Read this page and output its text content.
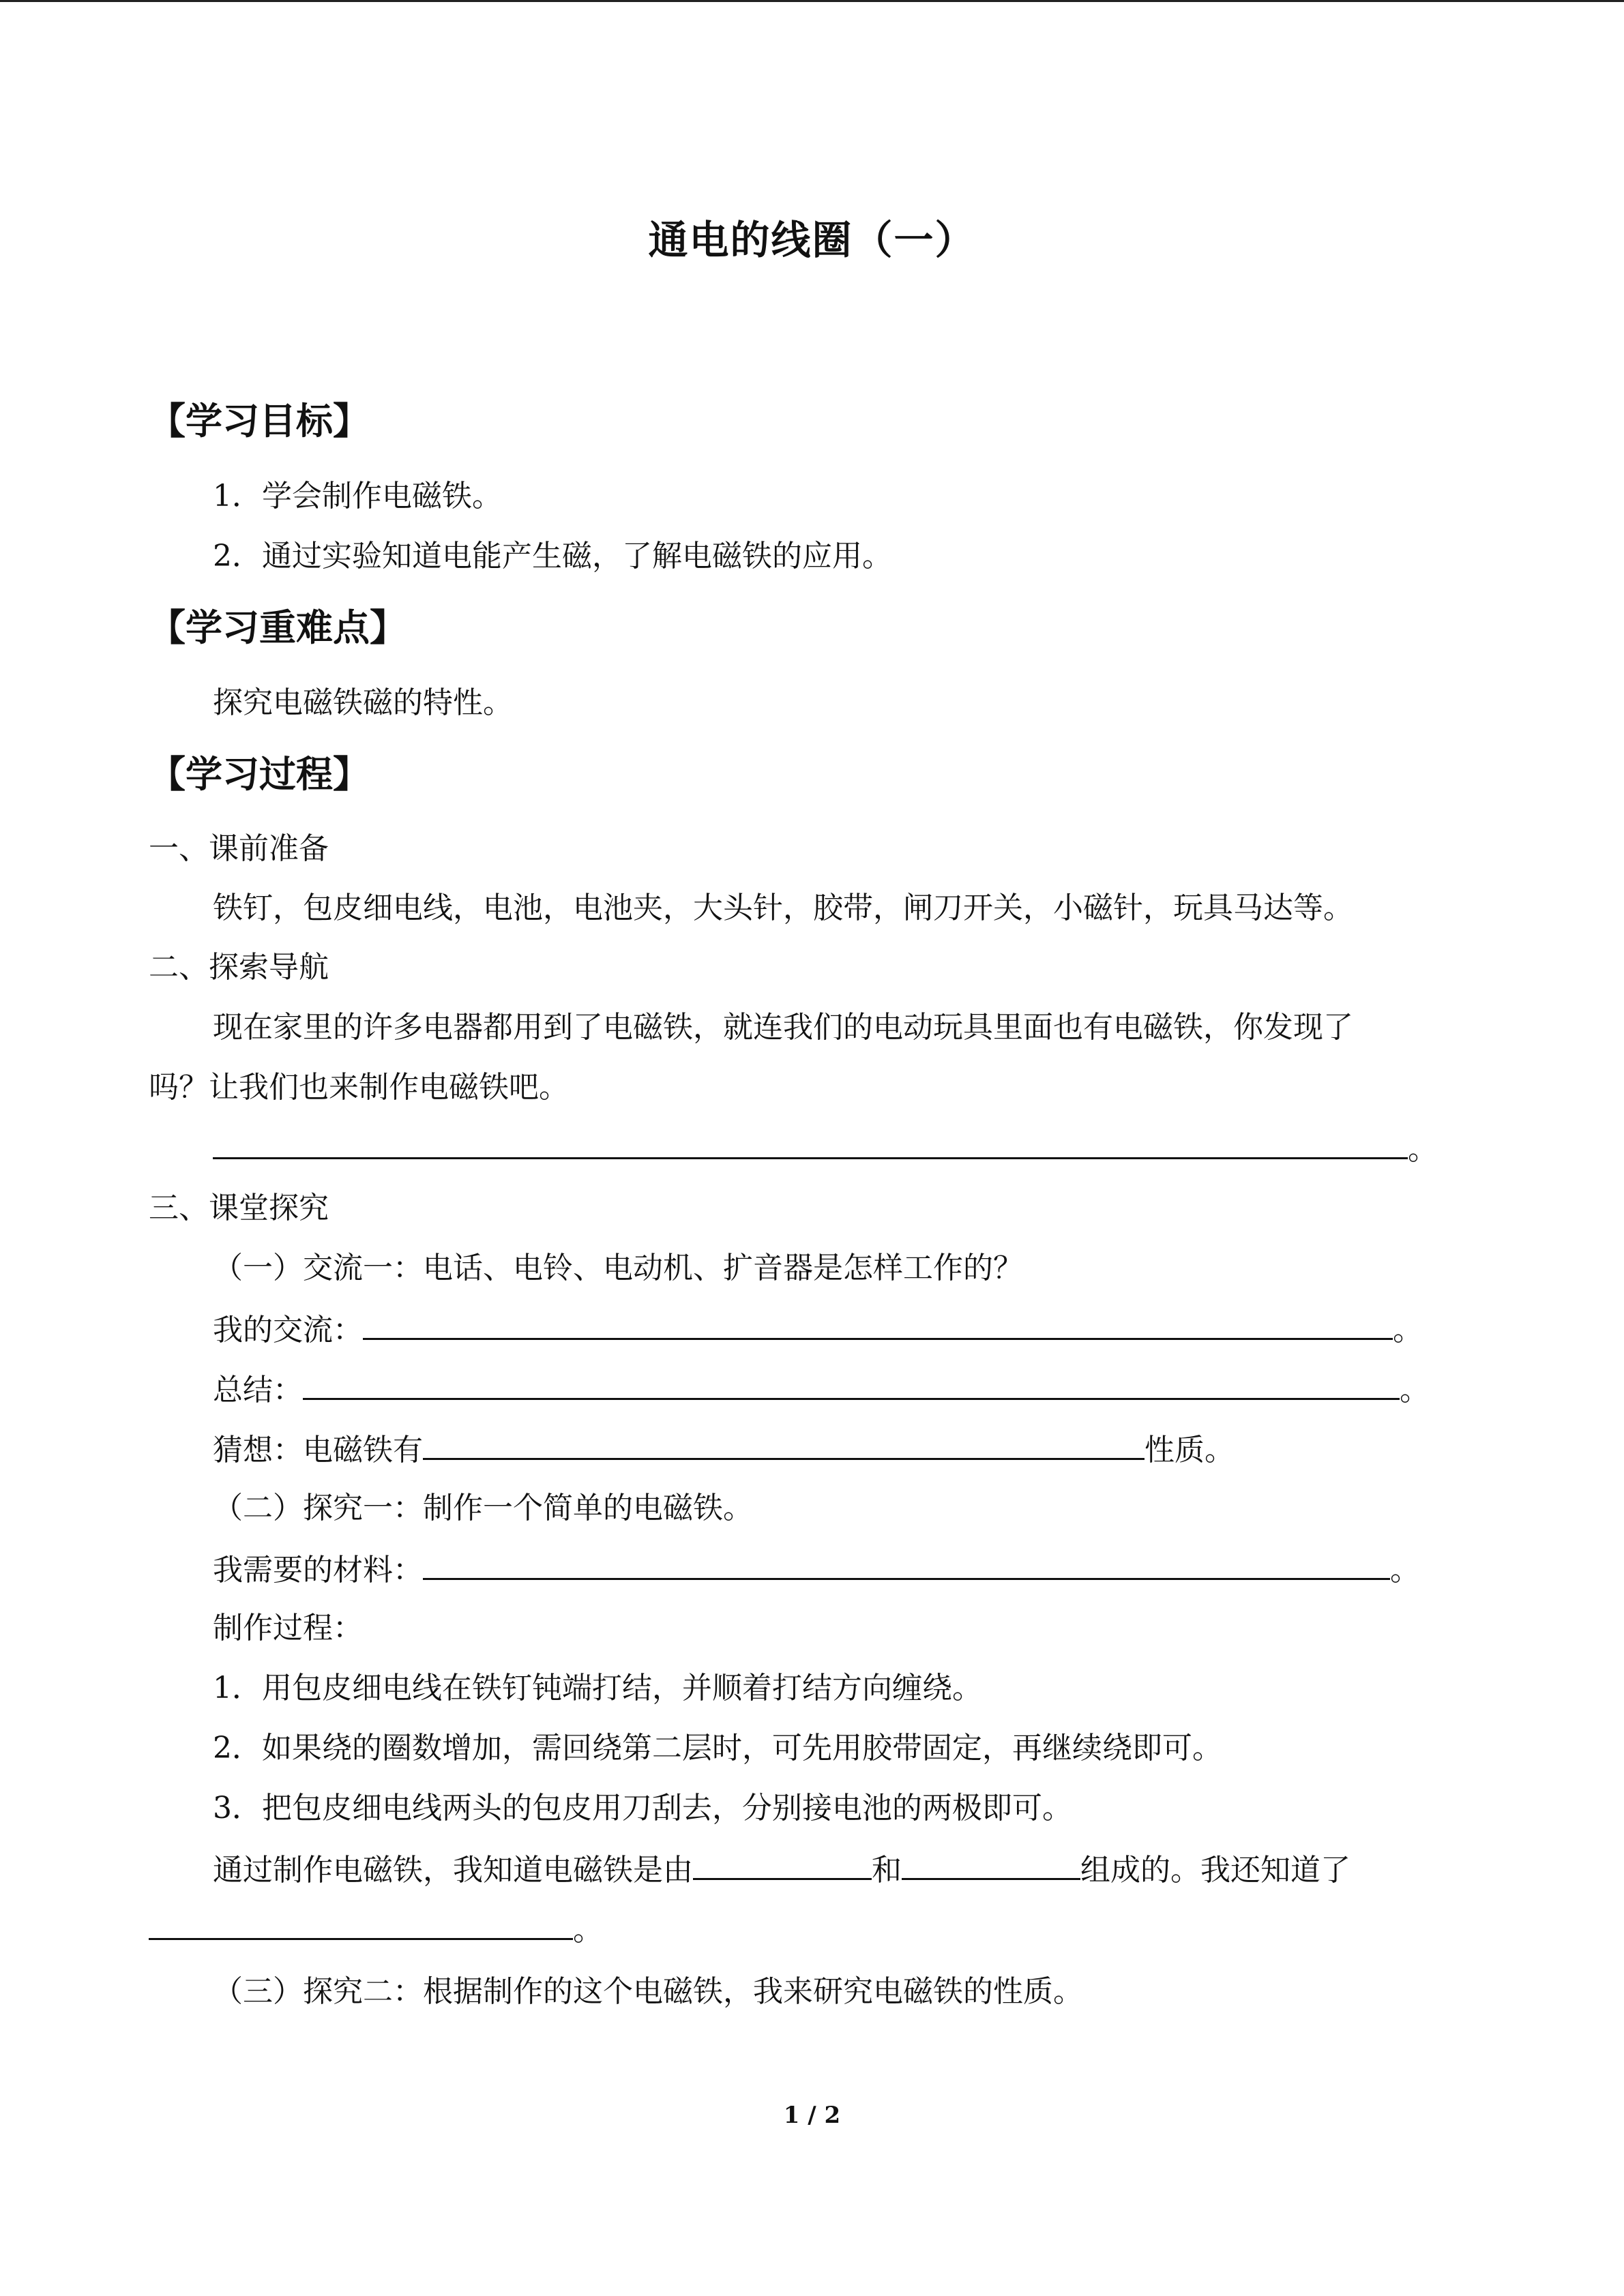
通电的线圈（一）
【学习目标】
1．学会制作电磁铁。
2．通过实验知道电能产生磁，了解电磁铁的应用。
【学习重难点】
探究电磁铁磁的特性。
【学习过程】
一、课前准备
铁钉，包皮细电线，电池，电池夹，大头针，胶带，闸刀开关，小磁针，玩具马达等。
二、探索导航
现在家里的许多电器都用到了电磁铁，就连我们的电动玩具里面也有电磁铁，你发现了
吗？让我们也来制作电磁铁吧。
。
三、课堂探究
（一）交流一：电话、电铃、电动机、扩音器是怎样工作的？
我的交流：	。
总结：	。
猜想：电磁铁有	性质。
（二）探究一：制作一个简单的电磁铁。
我需要的材料：	。
制作过程：
1．用包皮细电线在铁钉钝端打结，并顺着打结方向缠绕。
2．如果绕的圈数增加，需回绕第二层时，可先用胶带固定，再继续绕即可。
3．把包皮细电线两头的包皮用刀刮去，分别接电池的两极即可。
通过制作电磁铁，我知道电磁铁是由	和	组成的。我还知道了
。
（三）探究二：根据制作的这个电磁铁，我来研究电磁铁的性质。
1 / 2
